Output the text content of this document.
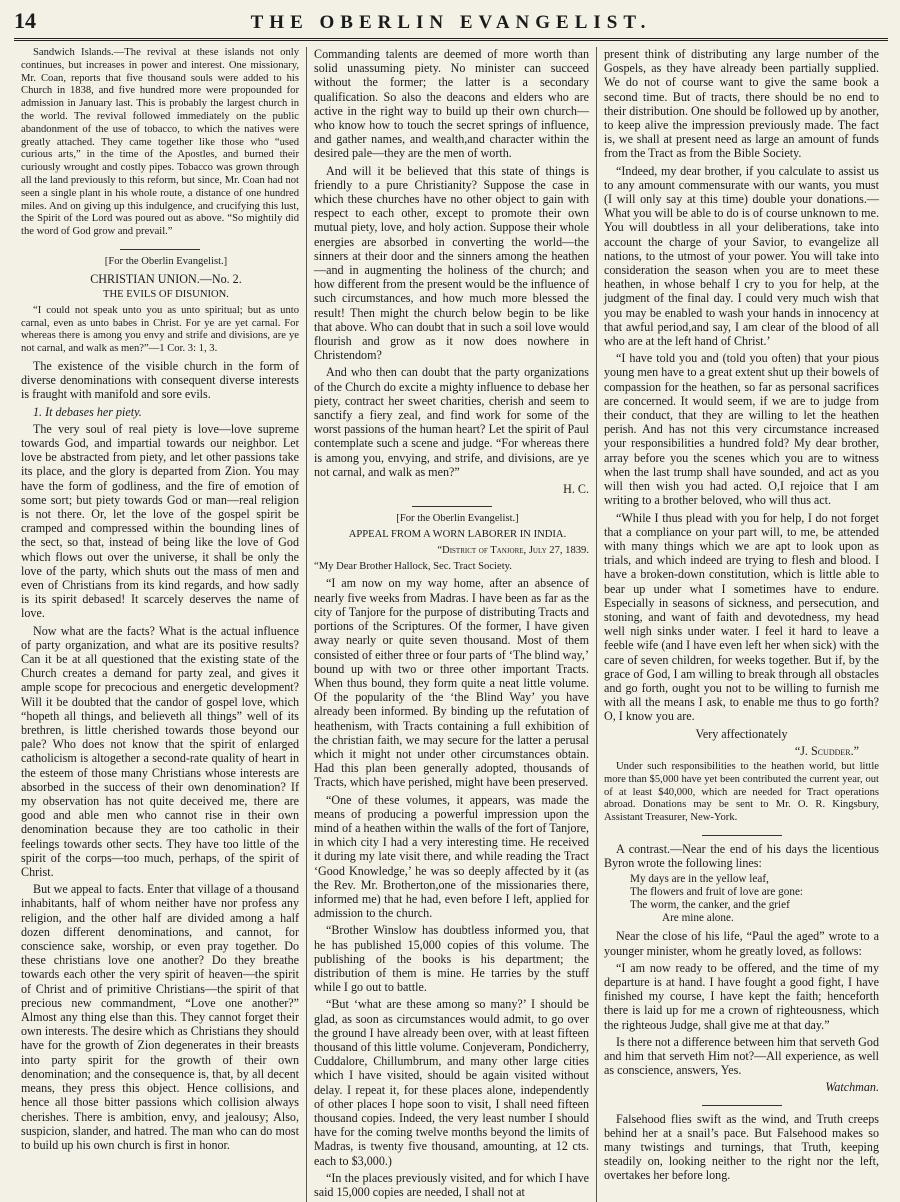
14	THE OBERLIN EVANGELIST.

Sandwich Islands.—The revival at these islands not only continues, but increases in power and interest. One missionary, Mr. Coan, reports that five thousand souls were added to his Church in 1838, and five hundred more were propounded for admission in January last. This is probably the largest church in the world. The revival followed immediately on the public abandonment of the use of tobacco, to which the natives were greatly attached. They came together like those who “used curious arts,” in the time of the Apostles, and burned their curiously wrought and costly pipes. Tobacco was grown through all the land previously to this reform, but since, Mr. Coan had not seen a single plant in his whole route, a distance of one hundred miles. And on giving up this indulgence, and crucifying this lust, the Spirit of the Lord was poured out as above. “So mightily did the word of God grow and prevail.”

[For the Oberlin Evangelist.]

CHRISTIAN UNION.—No. 2.

THE EVILS OF DISUNION.

“I could not speak unto you as unto spiritual; but as unto carnal, even as unto babes in Christ. For ye are yet carnal. For whereas there is among you envy and strife and divisions, are ye not carnal, and walk as men?”—1 Cor. 3: 1, 3.

The existence of the visible church in the form of diverse denominations with consequent diverse interests is fraught with manifold and sore evils.

1. It debases her piety.

The very soul of real piety is love—love supreme towards God, and impartial towards our neighbor. Let love be abstracted from piety, and let other passions take its place, and the glory is departed from Zion. You may have the form of godliness, and the fire of emotion of some sort; but piety towards God or man—real religion is not there. Or, let the love of the gospel spirit be cramped and compressed within the bounding lines of the sect, so that, instead of being like the love of God which flows out over the universe, it shall be only the love of the party, which shuts out the mass of men and even of Christians from its kind regards, and how sadly is its spirit debased! It scarcely deserves the name of love.

Now what are the facts? What is the actual influence of party organization, and what are its positive results? Can it be at all questioned that the existing state of the Church creates a demand for party zeal, and gives it ample scope for precocious and energetic development? Will it be doubted that the candor of gospel love, which “hopeth all things, and believeth all things” well of its brethren, is little cherished towards those beyond our pale? Who does not know that the spirit of enlarged catholicism is altogether a second-rate quality of heart in the esteem of those many Christians whose interests are absorbed in the success of their own denomination? If my observation has not quite deceived me, there are good and able men who cannot rise in their own denomination because they are too catholic in their feelings towards other sects. They have too little of the spirit of the corps—too much, perhaps, of the spirit of Christ.

But we appeal to facts. Enter that village of a thousand inhabitants, half of whom neither have nor profess any religion, and the other half are divided among a half dozen different denominations, and cannot, for conscience sake, worship, or even pray together. Do these christians love one another? Do they breathe towards each other the very spirit of heaven—the spirit of Christ and of primitive Christians—the spirit of that precious new commandment, “Love one another?” Almost any thing else than this. They cannot forget their own interests. The desire which as Christians they should have for the growth of Zion degenerates in their breasts into party spirit for the growth of their own denomination; and the consequence is, that, by all decent means, they press this object. Hence collisions, and hence all those bitter passions which collision always cherishes. There is ambition, envy, and jealousy; Also, suspicion, slander, and hatred. The man who can do most to build up his own church is first in honor.

Commanding talents are deemed of more worth than solid unassuming piety. No minister can succeed without the former; the latter is a secondary qualification. So also the deacons and elders who are active in the right way to build up their own church—who know how to touch the secret springs of influence, and gather names, and wealth,and character within the desired pale—they are the men of worth.

And will it be believed that this state of things is friendly to a pure Christianity? Suppose the case in which these churches have no other object to gain with respect to each other, except to promote their own mutual piety, love, and holy action. Suppose their whole energies are absorbed in converting the world—the sinners at their door and the sinners among the heathen—and in augmenting the holiness of the church; and how different from the present would be the influence of such circumstances, and how much more blessed the result! Then might the church below begin to be like that above. Who can doubt that in such a soil love would flourish and grow as it now does nowhere in Christendom?

And who then can doubt that the party organizations of the Church do excite a mighty influence to debase her piety, contract her sweet charities, cherish and seem to sanctify a fiery zeal, and find work for some of the worst passions of the human heart? Let the spirit of Paul contemplate such a scene and judge. “For whereas there is among you, envying, and strife, and divisions, are ye not carnal, and walk as men?”

H. C.

[For the Oberlin Evangelist.]

APPEAL FROM A WORN LABORER IN INDIA.

“District of Tanjore, July 27, 1839.

“My Dear Brother Hallock, Sec. Tract Society.

“I am now on my way home, after an absence of nearly five weeks from Madras. I have been as far as the city of Tanjore for the purpose of distributing Tracts and portions of the Scriptures. Of the former, I have given away nearly or quite seven thousand. Most of them consisted of either three or four parts of ‘The blind way,’ bound up with two or three other important Tracts. When thus bound, they form quite a neat little volume. Of the popularity of the ‘the Blind Way’ you have already been informed. By binding up the refutation of heathenism, with Tracts containing a full exhibition of the christian faith, we may secure for the latter a perusal which it might not under other circumstances obtain. Had this plan been generally adopted, thousands of Tracts, which have perished, might have been preserved.

“One of these volumes, it appears, was made the means of producing a powerful impression upon the mind of a heathen within the walls of the fort of Tanjore, in which city I had a very interesting time. He received it during my late visit there, and while reading the Tract ‘Good Knowledge,’ he was so deeply affected by it (as the Rev. Mr. Brotherton,one of the missionaries there, informed me) that he had, even before I left, applied for admission to the church.

“Brother Winslow has doubtless informed you, that he has published 15,000 copies of this volume. The publishing of the books is his department; the distribution of them is mine. He tarries by the stuff while I go out to battle.

“But ‘what are these among so many?’ I should be glad, as soon as circumstances would admit, to go over the ground I have already been over, with at least fifteen thousand of this little volume. Conjeveram, Pondicherry, Cuddalore, Chillumbrum, and many other large cities which I have visited, should be again visited without delay. I repeat it, for these places alone, independently of other places I hope soon to visit, I shall need fifteen thousand copies. Indeed, the very least number I should have for the coming twelve months beyond the limits of Madras, is twenty five thousand, amounting, at 12 cts. each to $3,000.)

“In the places previously visited, and for which I have said 15,000 copies are needed, I shall not at

present think of distributing any large number of the Gospels, as they have already been partially supplied. We do not of course want to give the same book a second time. But of tracts, there should be no end to their distribution. One should be followed up by another, to keep alive the impression previously made. The fact is, we shall at present need as large an amount of funds from the Tract as from the Bible Society.

“Indeed, my dear brother, if you calculate to assist us to any amount commensurate with our wants, you must (I will only say at this time) double your donations.—What you will be able to do is of course unknown to me. You will doubtless in all your deliberations, take into account the charge of your Savior, to evangelize all nations, to the utmost of your power. You will take into consideration the season when you are to meet these heathen, in whose behalf I cry to you for help, at the judgment of the final day. I could very much wish that you may be enabled to wash your hands in innocency at that awful period,and say, I am clear of the blood of all who are at the left hand of Christ.’

“I have told you and (told you often) that your pious young men have to a great extent shut up their bowels of compassion for the heathen, so far as personal sacrifices are concerned. It would seem, if we are to judge from their conduct, that they are willing to let the heathen perish. And has not this very circumstance increased your responsibilities a hundred fold? My dear brother, array before you the scenes which you are to witness when the last trump shall have sounded, and act as you will then wish you had acted. O,I rejoice that I am writing to a brother beloved, who will thus act.

“While I thus plead with you for help, I do not forget that a compliance on your part will, to me, be attended with many things which we are apt to look upon as trials, and which indeed are trying to flesh and blood. I have a broken-down constitution, which is little able to bear up under what I sometimes have to endure. Especially in seasons of sickness, and persecution, and stoning, and want of faith and devotedness, my head well nigh sinks under water. I feel it hard to leave a feeble wife (and I have even left her when sick) with the care of seven children, for weeks together. But if, by the grace of God, I am willing to break through all obstacles and go forth, ought you not to be willing to furnish me with all the means I ask, to enable me thus to go forth? O, I know you are.

Very affectionately

“J. Scudder.”

Under such responsibilities to the heathen world, but little more than $5,000 have yet been contributed the current year, out of at least $40,000, which are needed for Tract operations abroad. Donations may be sent to Mr. O. R. Kingsbury, Assistant Treasurer, New-York.

A contrast.—Near the end of his days the licentious Byron wrote the following lines:

My days are in the yellow leaf,
The flowers and fruit of love are gone:
The worm, the canker, and the grief
Are mine alone.

Near the close of his life, “Paul the aged” wrote to a younger minister, whom he greatly loved, as follows:

“I am now ready to be offered, and the time of my departure is at hand. I have fought a good fight, I have finished my course, I have kept the faith; henceforth there is laid up for me a crown of righteousness, which the righteous Judge, shall give me at that day.”

Is there not a difference between him that serveth God and him that serveth Him not?—All experience, as well as conscience, answers, Yes.

Watchman.

Falsehood flies swift as the wind, and Truth creeps behind her at a snail’s pace. But Falsehood makes so many twistings and turnings, that Truth, keeping steadily on, looking neither to the right nor the left, overtakes her before long.
